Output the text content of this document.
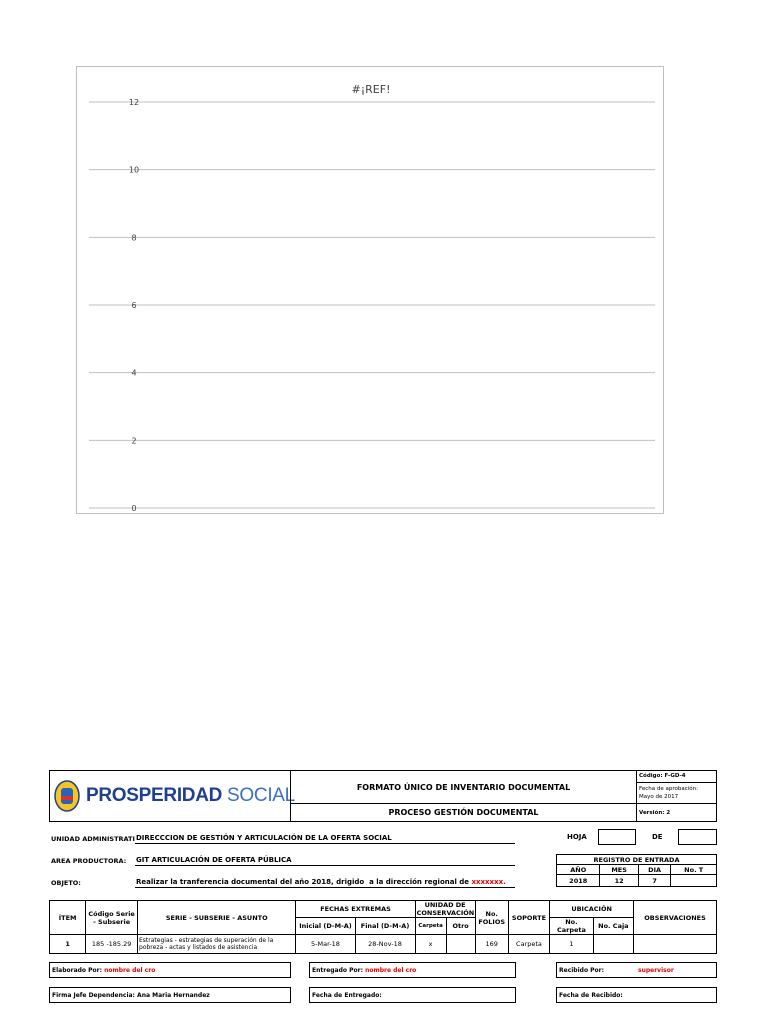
#¡REF!
12
10
8
6
4
2
0
PROSPERIDAD SOCIAL	FORMATO ÚNICO DE INVENTARIO DOCUMENTAL
PROCESO GESTIÓN DOCUMENTAL
Código: F-GD-4
Fecha de aprobación:
Mayo de 2017
Versión: 2
UNIDAD ADMINISTRATI DIRECCCION DE GESTIÓN Y ARTICULACIÓN DE LA OFERTA SOCIAL	HOJA	DE
AREA PRODUCTORA: GIT ARTICULACIÓN DE OFERTA PÚBLICA
OBJETO:	Realizar la tranferencia documental del año 2018, drigido  a la dirección regional de xxxxxxx.
REGISTRO DE ENTRADA			
AÑO	MES	DIA	No. T
2018	12	7	
ÍTEM	Código Serie - Subserie	SERIE - SUBSERIE - ASUNTO	FECHAS EXTREMAS		UNIDAD DE CONSERVACIÓN		No. FOLIOS	SOPORTE	UBICACIÓN		OBSERVACIONES
			Inicial (D-M-A)	Final (D-M-A)	Carpeta	Otro			No. Carpeta	No. Caja	
1	185 -185.29	Estrategias - estrategias de superación de la pobreza - actas y listados de asistencia	5-Mar-18	28-Nov-18	x		169	Carpeta	1		
Elaborado Por: nombre del cro	Entregado Por: nombre del cro	Recibido Por:	supervisor
Firma Jefe Dependencia: Ana Maria Hernandez	Fecha de Entregado:	Fecha de Recibido:
